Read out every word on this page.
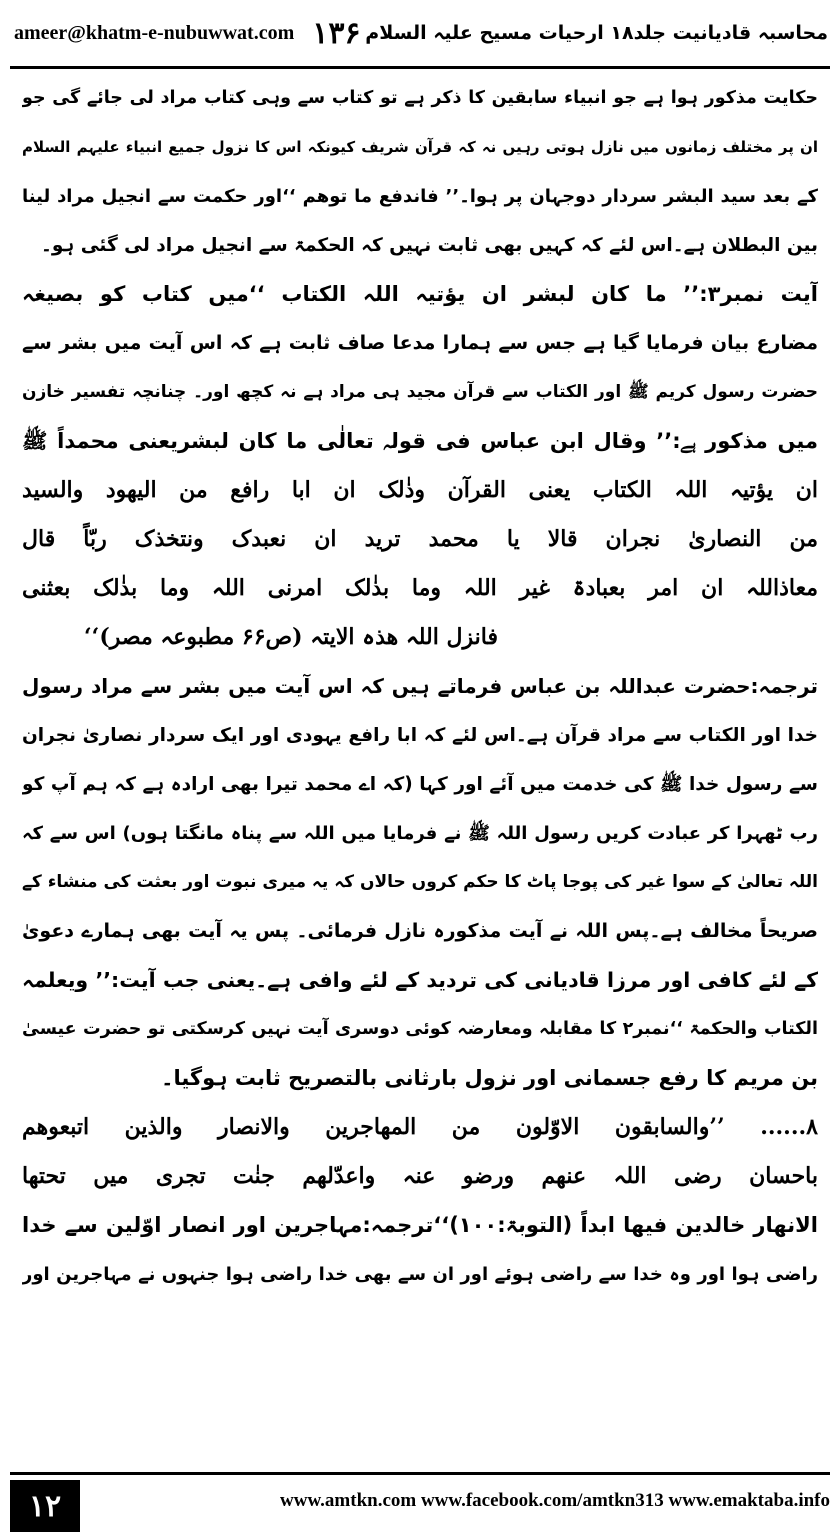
ameer@khatm-e-nubuwwat.com ۱۳۶ محاسبہ قادیانیت جلد۱۸ ارحیات مسیح علیہ السلام
حکایت مذکور ہوا ہے جو انبیاء سابقین کا ذکر ہے تو کتاب سے وہی کتاب مراد لی جائے گی جو
ان پر مختلف زمانوں میں نازل ہوتی رہیں نہ کہ قرآن شریف کیونکہ اس کا نزول جمیع انبیاء علیہم السلام
کے بعد سید البشر سردار دوجہان پر ہوا۔’’ فاندفع ما توھم ‘‘اور حکمت سے انجیل مراد لینا
بین البطلان ہے۔اس لئے کہ کہیں بھی ثابت نہیں کہ الحکمۃ سے انجیل مراد لی گئی ہو۔
آیت نمبر۳:’’ ما کان لبشر ان یؤتیہ اللہ الکتاب ‘‘میں کتاب کو بصیغہ
مضارع بیان فرمایا گیا ہے جس سے ہمارا مدعا صاف ثابت ہے کہ اس آیت میں بشر سے
حضرت رسول کریم ﷺ اور الکتاب سے قرآن مجید ہی مراد ہے نہ کچھ اور۔ چنانچہ تفسیر خازن
میں مذکور ہے:’’ وقال ابن عباس فی قولہ تعالٰی ما کان لبشریعنی محمداً ﷺ
ان یؤتیہ اللہ الکتاب یعنی القرآن وذٰلک ان ابا رافع من الیھود والسید
من النصاریٰ نجران قالا یا محمد ترید ان نعبدک ونتخذک ربّاً قال
معاذاللہ ان امر بعبادۃ غیر اللہ وما بذٰلک امرنی اللہ وما بذٰلک بعثنی
فانزل اللہ ھذہ الایتہ (ص۶۶ مطبوعہ مصر)‘‘
ترجمہ:حضرت عبداللہ بن عباس فرماتے ہیں کہ اس آیت میں بشر سے مراد رسول
خدا اور الکتاب سے مراد قرآن ہے۔اس لئے کہ ابا رافع یہودی اور ایک سردار نصاریٰ نجران
سے رسول خدا ﷺ کی خدمت میں آئے اور کہا (کہ اے محمد تیرا بھی ارادہ ہے کہ ہم آپ کو
رب ٹھہرا کر عبادت کریں رسول اللہ ﷺ نے فرمایا میں اللہ سے پناہ مانگتا ہوں) اس سے کہ
اللہ تعالیٰ کے سوا غیر کی پوجا پاٹ کا حکم کروں حالاں کہ یہ میری نبوت اور بعثت کی منشاء کے
صریحاً مخالف ہے۔پس اللہ نے آیت مذکورہ نازل فرمائی۔ پس یہ آیت بھی ہمارے دعویٰ
کے لئے کافی اور مرزا قادیانی کی تردید کے لئے وافی ہے۔یعنی جب آیت:’’ ویعلمہ
الکتاب والحکمۃ ‘‘نمبر۲ کا مقابلہ ومعارضہ کوئی دوسری آیت نہیں کرسکتی تو حضرت عیسیٰ
بن مریم کا رفع جسمانی اور نزول بارثانی بالتصریح ثابت ہوگیا۔
۸...... ’’والسابقون الاوّلون من المھاجرین والانصار والذین اتبعوھم
باحسان رضی اللہ عنھم ورضو عنہ واعدّلھم جنٰت تجری میں تحتھا
الانھار خالدین فیھا ابداً (التوبۃ:۱۰۰)‘‘ترجمہ:مہاجرین اور انصار اوّلین سے خدا
راضی ہوا اور وہ خدا سے راضی ہوئے اور ان سے بھی خدا راضی ہوا جنہوں نے مہاجرین اور
۱۲	www.amtkn.com www.facebook.com/amtkn313 www.emaktaba.info
